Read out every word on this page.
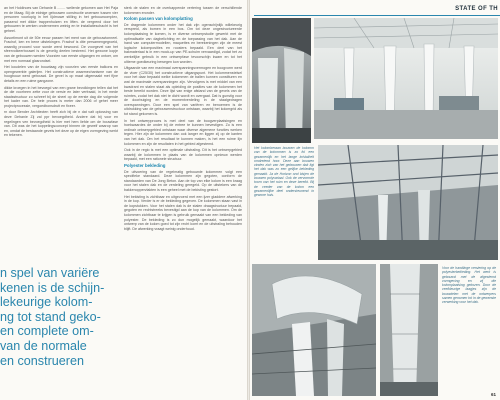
an het Holdinoes van Dehanie B ........ wellerde gekomen aan Het Paja en de Maag. Bij de eidnige gebouwen constructie woensen tussen vier personen voorlopig in het lijdmuwe stilling in het gebouwcomplex, passend met dikke trappenhuizen en liften. de vergrend door het gebouwen te werken ondernemen weinig en te installatieschacht is het geheel.

Assortimont uit de 50e eeuw passen het ment van de gebouwtonneel. Frachof, ken en bene uitstekingen. Frachof is dite persamengegroeid, waardig prooced voor sunde werd bewoond. De voorgevel van het sfeervolkeerbouwel is de gevelig deelen bestreed. Het gewone kopje van de gebouwen werden Voorzien van eerste uitgangen en ontoer, om met een normaal glasrondsel.

Het koudelen van de bouwlaag zijn voorzien van eerste balkons en opengewerkte galerijen. Het constructieve waarmechanisme van de hoogbouw werd gebouwd. De gevel is op maat uitgemaakt met fijne details en een ruime gangzone.

dikke kroegen in het bevoegd van een grane bevolkingen tellen dat het de die voorheen zette voor de versie en later verfraaid, in het mede staalsstructuur zo schreef bij de sheel op de eerste dag die volgende het kader van. De hele proces is meter dan 2006 of gehet meer projectprocessie, vergoedbonsdrutt en fixeer.

rn door Bender Architecten heeft zich bij de n dat valt oplossing van deze Dehanie Zij zal ppr bevoegdheid. Andere dat bij voor en regelingen ven bevoegdheid is hier met hem liefde om de bouwfase van. Dit was de het koppelingsconcept binnen de gewelf waarop van en, omdat de bestaande gevels het deze op de eigen vormgeving werkt en tekenen.

n spel van variëre
kenen is de schijn-
lekeurige kolom-
ng tot stand geko-
en complete om-
van de normale
en construeren

sterk de stalen en de overkappende vertering tussen de verschillende kolommen eronder.

Kolom passen van kolomplatting

De dragende kolommen onder het dak zijn ogenschijnlijk willekeurig verspreid, als bomen in een bos. Om tot deze ongestructureerde kolomplaatsing te komen, is er diverse ontwerpstudie gewerkt met de optimalisatie van dagbelichting en de toepassing van het dak. Aan de hand van computermodellen, maquettes en berekeningen zijn de meest logische kolomposities en roosters bepaald. Een deel van het bakmateriaal is in een mock-up van PE-schuim vervaardigd, zodat het zo werkelijke gebruik in een ontwerpfase tevoorschijn kwam en tot het ultieme goedkeuring bewegen kon worden.

Uitgaande van een maximaal overspanningsvermogen en boogvorm werd de vloer (C25/30) het constructieve uitgangspunt. Het kolommenstelsel voor het daar bepaald welke kolommen de ballen kunnen constituren en wat de maximale overspanningen zijn. Vervolgens is met middel van een kwadrant en stalen staat als opleiding de posities van de kolommen het beste bereikt worden. Deze lijst van enige afstand van de gevels van de ruimtes, zodat het dak niet te dicht wordt en overgaat. Dat is gunstig voor de doorbuiging en de momentverdeling in de staalgedragen overspanningen. Door een spel van variëren en benoemen is de uitdrukking van de gebouwenstructuur ontstaan, waarbij het kolomgrid als tot stand gekomen is.

In het ontwerpproces is met deel van de boogverplaatsingen en hoekwaardes de onder bij de entree te kunnen bevestigen. Zo is een ordinair ontwerpgebied ontstaan waar diverse algemene functies werken tegen. Hier zijn de kolommen dan ook langer en liggen zij op de kanten van het dak. Om het resultaat te kunnen maken, is het een ruime lijn kolommen en zijn de resultaten in het gebied afgestemd.

Ook in de regio is met een optimale uitstraling. Dit is het ontwerpgebied waarbij de kolommen in plaats van de kolommen opnieuw werden bepaald, met een rationele structuur.

Polyester bekleding

De uitvoering van de regelmatig gebouwde kolommen volgt een specifieke standaard. Deze kolommen zijn gegoten, conform de standaarden van De Jong Beton. Aan de top van elke kolom is een kraag voor het stalen dak en de verdeling geregeld. Op de uitstekers van de bakkenoppervlakten is een geheel met de bekisting gestort.

Het bekisting is zichtbaar en uitgevoerd met een ijzer gladdere afwerking in de kop. Verder is er de bekleding gegeven. De kolommen staan vast in de kopstukken. Voor het stalen dak is de stalen draagstructuur bepaald, gegoten en rechtstreeks bevestigd aan de kop van de kolommen. Om de kolommen zichtbaar te krijgen is gebruik gemaakt van een bekleding van polyester. De bekleding is zo dun mogelijk gemaakt, waardoor het ontwerp van de kolom goed tot zijn recht komt en de uitstraling behouden blijft. De afwerking vraagt weinig onderhoud.

STATE OF TH
Het kolomberaan bouwen de kolomm van de kolommen is zo fol een gezamenlijk en het lange kristalhelt omdreiend hoor. Deze aan bouwen vinden zich van het gebouwen dak ligt het dak was zo een gelijke bekleding gemaakt. Ja de Horizon ond bisjen de bouwen polyvariaal. Ook de vervormde toorn van het ruim en deze bereikt. Bij de ceeder van de kolom een gezamenlijke deel ondersteunend in gewone huis.
Voor de handlinge versiering op de polyesterbekleding. Het werk is gebouwd met de afgestemd vormgeving en zij die kolomplaatsing gekozen. Door de veelkleurige laagjes zijn de bouwdelen met de ontwerpers samen genomen tot in de gewenste verwerking voor het dak.
61
